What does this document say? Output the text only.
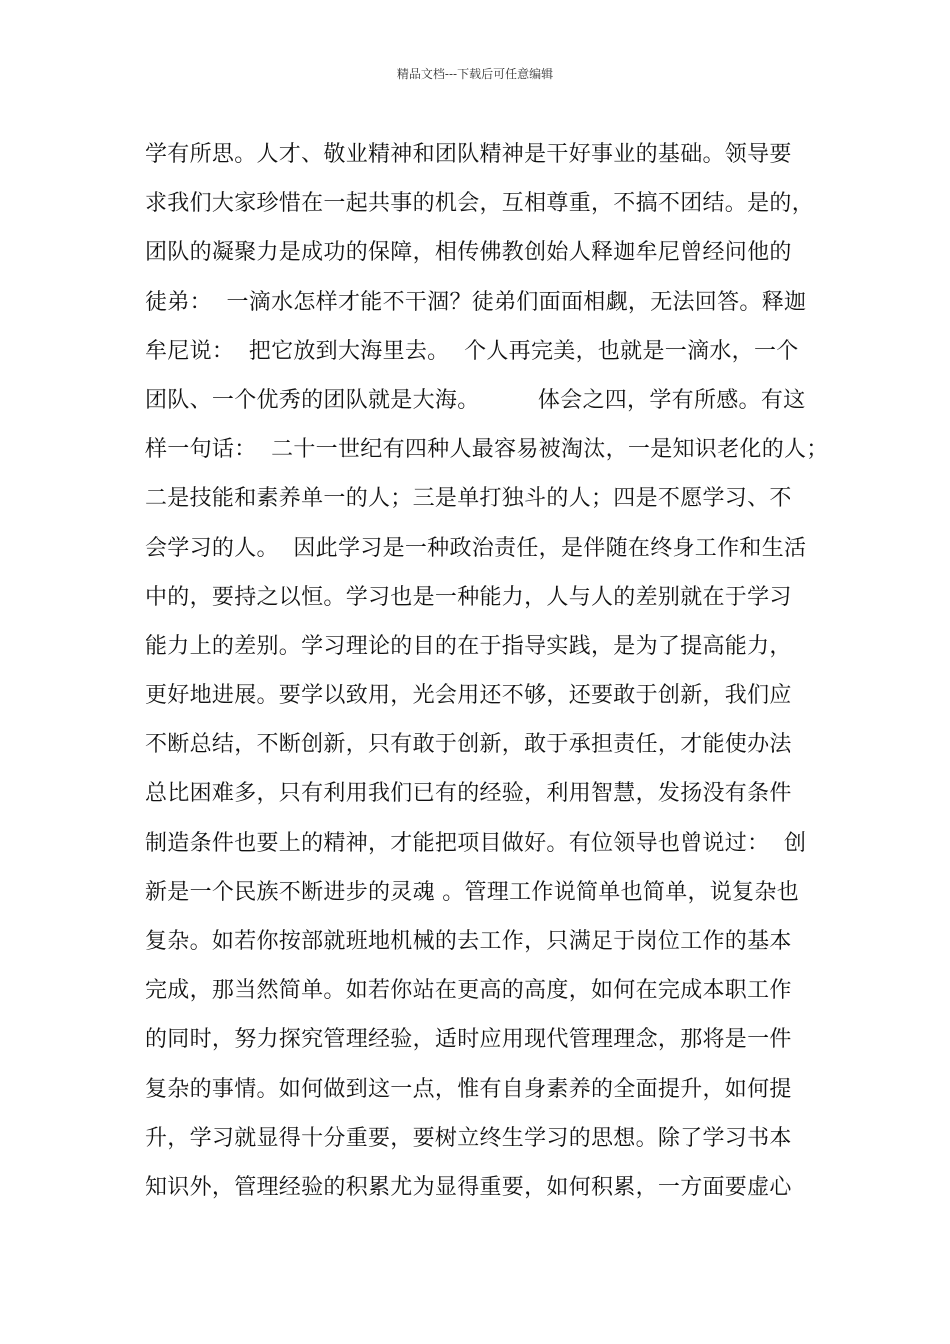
精品文档---下载后可任意编辑
学有所思。人才、敬业精神和团队精神是干好事业的基础。领导要
求我们大家珍惜在一起共事的机会，互相尊重，不搞不团结。是的，
团队的凝聚力是成功的保障，相传佛教创始人释迦牟尼曾经问他的
徒弟：  一滴水怎样才能不干涸？徒弟们面面相觑，无法回答。释迦
牟尼说：  把它放到大海里去。  个人再完美，也就是一滴水，一个
团队、一个优秀的团队就是大海。        体会之四，学有所感。有这
样一句话：  二十一世纪有四种人最容易被淘汰，一是知识老化的人；
二是技能和素养单一的人；三是单打独斗的人；四是不愿学习、不
会学习的人。  因此学习是一种政治责任，是伴随在终身工作和生活
中的，要持之以恒。学习也是一种能力，人与人的差别就在于学习
能力上的差别。学习理论的目的在于指导实践，是为了提高能力，
更好地进展。要学以致用，光会用还不够，还要敢于创新，我们应
不断总结，不断创新，只有敢于创新，敢于承担责任，才能使办法
总比困难多，只有利用我们已有的经验，利用智慧，发扬没有条件
制造条件也要上的精神，才能把项目做好。有位领导也曾说过：  创
新是一个民族不断进步的灵魂 。管理工作说简单也简单，说复杂也
复杂。如若你按部就班地机械的去工作，只满足于岗位工作的基本
完成，那当然简单。如若你站在更高的高度，如何在完成本职工作
的同时，努力探究管理经验，适时应用现代管理理念，那将是一件
复杂的事情。如何做到这一点，惟有自身素养的全面提升，如何提
升，学习就显得十分重要，要树立终生学习的思想。除了学习书本
知识外，管理经验的积累尤为显得重要，如何积累，一方面要虚心
